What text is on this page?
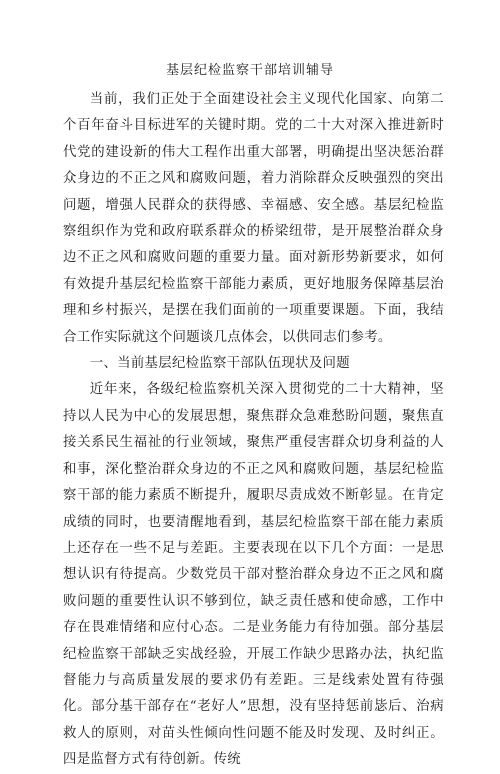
基层纪检监察干部培训辅导

当前，我们正处于全面建设社会主义现代化国家、向第二个百年奋斗目标进军的关键时期。党的二十大对深入推进新时代党的建设新的伟大工程作出重大部署，明确提出坚决惩治群众身边的不正之风和腐败问题，着力消除群众反映强烈的突出问题，增强人民群众的获得感、幸福感、安全感。基层纪检监察组织作为党和政府联系群众的桥梁纽带，是开展整治群众身边不正之风和腐败问题的重要力量。面对新形势新要求，如何有效提升基层纪检监察干部能力素质，更好地服务保障基层治理和乡村振兴，是摆在我们面前的一项重要课题。下面，我结合工作实际就这个问题谈几点体会，以供同志们参考。

一、当前基层纪检监察干部队伍现状及问题

近年来，各级纪检监察机关深入贯彻党的二十大精神，坚持以人民为中心的发展思想，聚焦群众急难愁盼问题，聚焦直接关系民生福祉的行业领域，聚焦严重侵害群众切身利益的人和事，深化整治群众身边的不正之风和腐败问题，基层纪检监察干部的能力素质不断提升，履职尽责成效不断彰显。在肯定成绩的同时，也要清醒地看到，基层纪检监察干部在能力素质上还存在一些不足与差距。主要表现在以下几个方面：一是思想认识有待提高。少数党员干部对整治群众身边不正之风和腐败问题的重要性认识不够到位，缺乏责任感和使命感，工作中存在畏难情绪和应付心态。二是业务能力有待加强。部分基层纪检监察干部缺乏实战经验，开展工作缺少思路办法，执纪监督能力与高质量发展的要求仍有差距。三是线索处置有待强化。部分基干部存在“老好人”思想，没有坚持惩前毖后、治病救人的原则，对苗头性倾向性问题不能及时发现、及时纠正。四是监督方式有待创新。传统
